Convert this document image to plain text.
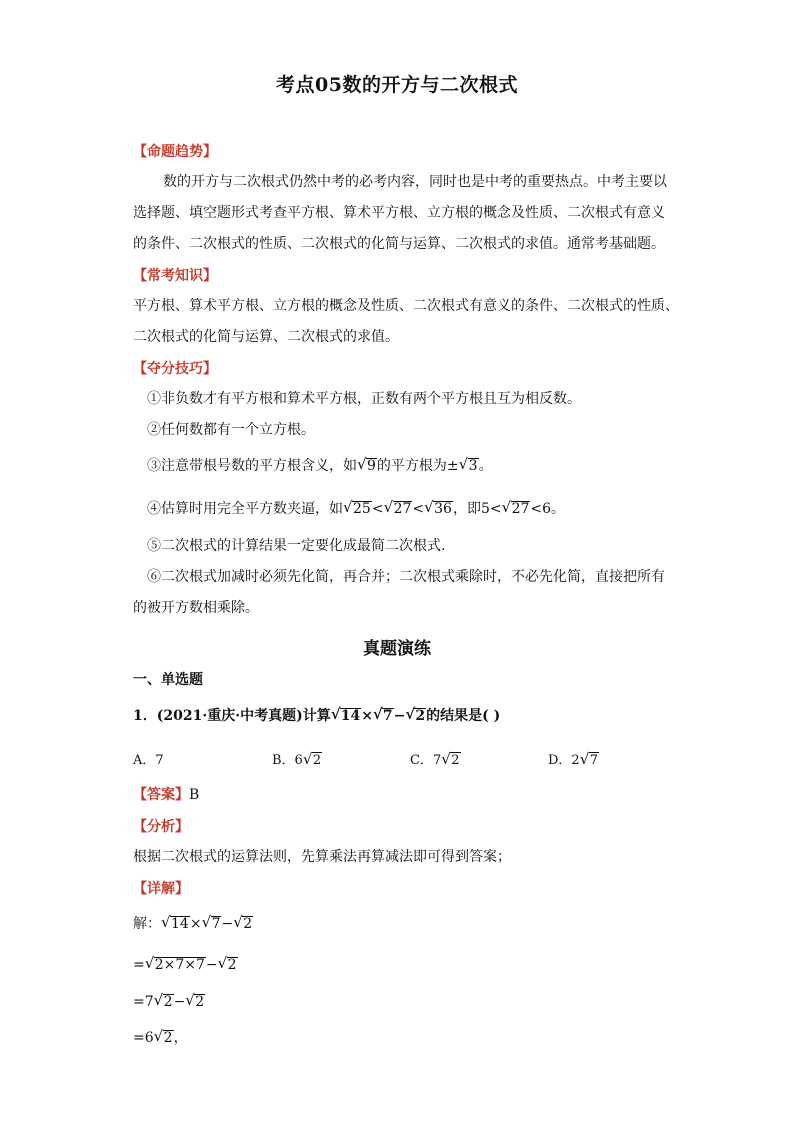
考点05数的开方与二次根式
【命题趋势】
数的开方与二次根式仍然中考的必考内容，同时也是中考的重要热点。中考主要以
选择题、填空题形式考查平方根、算术平方根、立方根的概念及性质、二次根式有意义
的条件、二次根式的性质、二次根式的化简与运算、二次根式的求值。通常考基础题。
【常考知识】
平方根、算术平方根、立方根的概念及性质、二次根式有意义的条件、二次根式的性质、
二次根式的化简与运算、二次根式的求值。
【夺分技巧】
①非负数才有平方根和算术平方根，正数有两个平方根且互为相反数。
②任何数都有一个立方根。
③注意带根号数的平方根含义，如 √ 9的平方根为± √ 3。
④估算时用完全平方数夹逼，如 √ 25< √ 27< √ 36，即5< √ 27<6。
⑤二次根式的计算结果一定要化成最简二次根式.
⑥二次根式加减时必须先化简，再合并；二次根式乘除时，不必先化简，直接把所有
的被开方数相乘除。
真题演练
一、单选题
1．(2021·重庆·中考真题)计算 √ 14× √ 7− √ 2的结果是( )
A．7	B．6 √ 2	C．7 √ 2	D．2 √ 7
【答案】B
【分析】
根据二次根式的运算法则，先算乘法再算减法即可得到答案；
【详解】
解： √ 14× √ 7− √ 2
= √ 2×7×7− √ 2
=7 √ 2− √ 2
=6 √ 2，
